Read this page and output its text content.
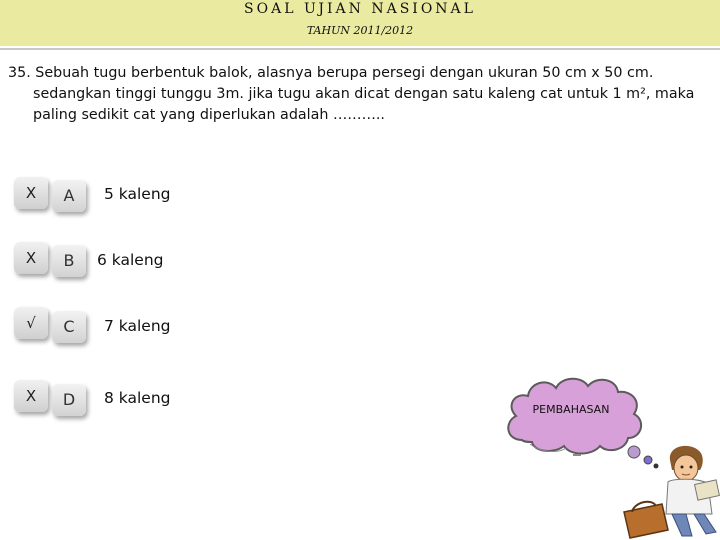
SOAL UJIAN NASIONAL
TAHUN 2011/2012
35. Sebuah tugu berbentuk balok, alasnya berupa persegi dengan ukuran 50 cm x 50 cm.
sedangkan tinggi tunggu 3m. jika tugu akan dicat dengan satu kaleng cat untuk 1 m², maka
paling sedikit cat yang diperlukan adalah ………..
X	A	5 kaleng
X	B	6 kaleng
√	C	7 kaleng
X	D	8 kaleng
PEMBAHASAN
